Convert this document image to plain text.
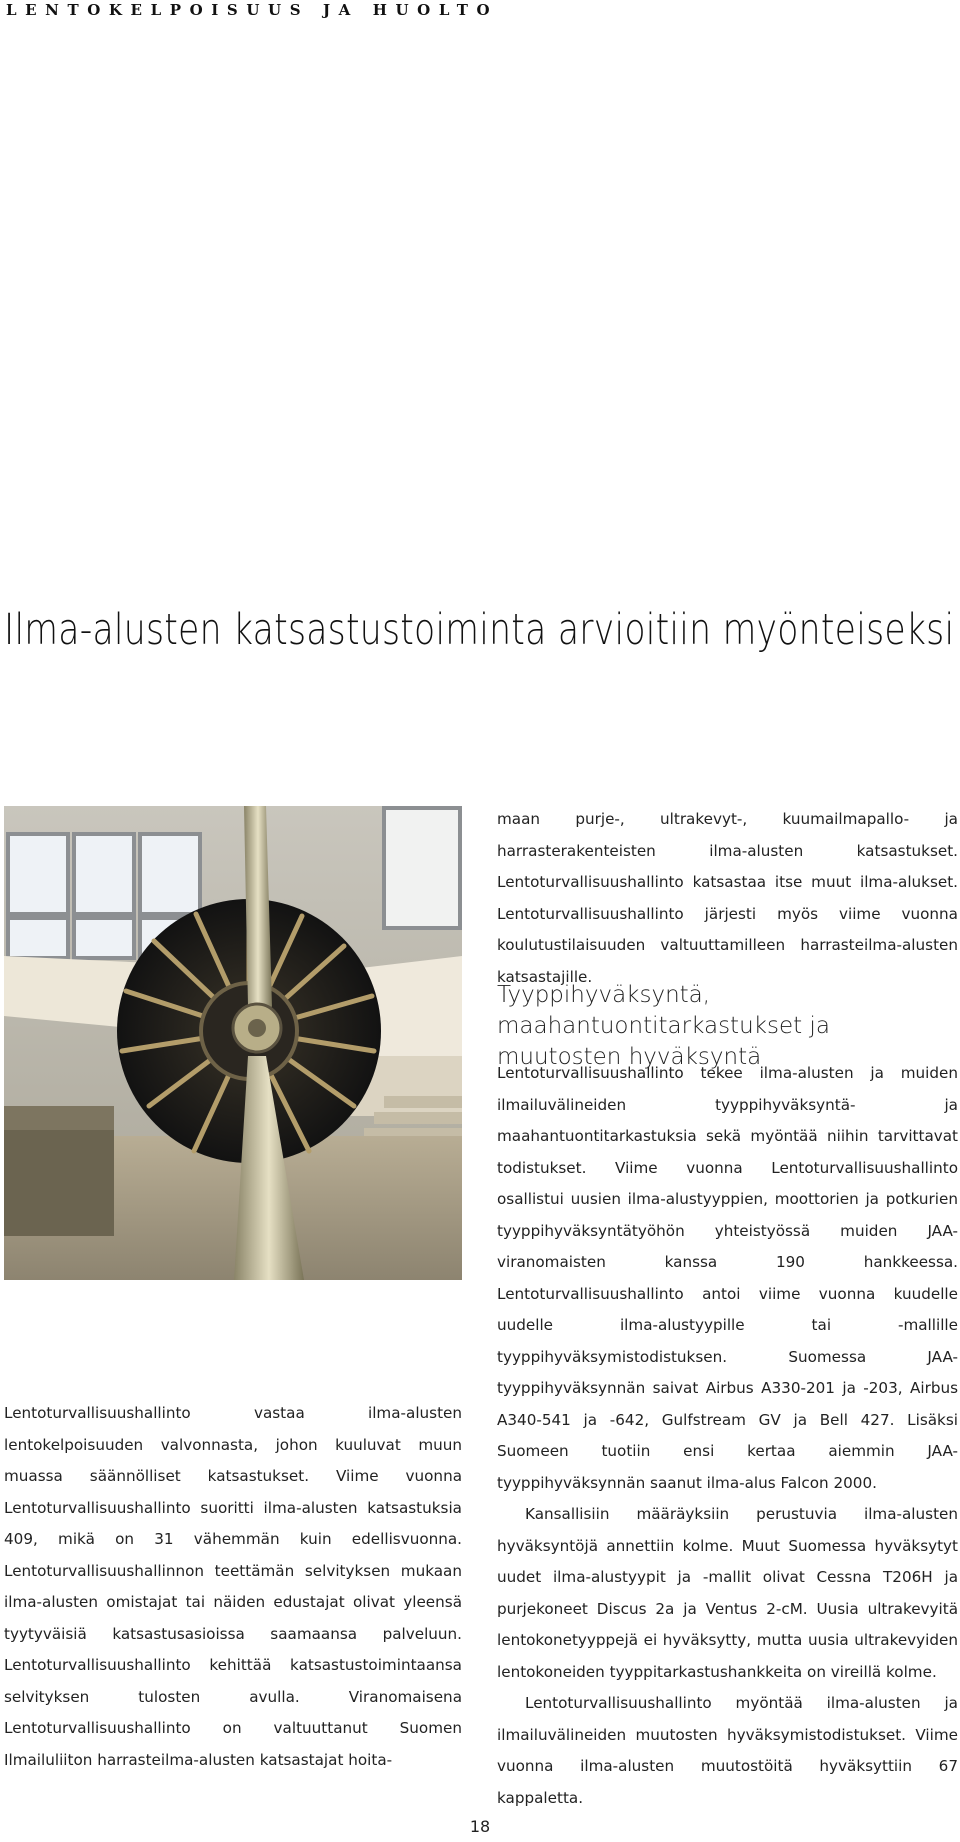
LENTOKELPOISUUS JA HUOLTO
Ilma-alusten katsastustoiminta arvioitiin myönteiseksi

Lentoturvallisuushallinto vastaa ilma-alusten lentokelpoisuuden valvonnasta, johon kuuluvat muun muassa säännölliset katsastukset. Viime vuonna Lentoturvallisuushallinto suoritti ilma-alusten katsastuksia 409, mikä on 31 vähemmän kuin edellisvuonna. Lentoturvallisuushallinnon teettämän selvityksen mukaan ilma-alusten omistajat tai näiden edustajat olivat yleensä tyytyväisiä katsastusasioissa saamaansa palveluun. Lentoturvallisuushallinto kehittää katsastustoimintaansa selvityksen tulosten avulla. Viranomaisena Lentoturvallisuushallinto on valtuuttanut Suomen Ilmailuliiton harrasteilma-alusten katsastajat hoita-

maan purje-, ultrakevyt-, kuumailmapallo- ja harrasterakenteisten ilma-alusten katsastukset. Lentoturvallisuushallinto katsastaa itse muut ilma-alukset. Lentoturvallisuushallinto järjesti myös viime vuonna koulutustilaisuuden valtuuttamilleen harrasteilma-alusten katsastajille.

Tyyppihyväksyntä, maahantuontitarkastukset ja muutosten hyväksyntä

Lentoturvallisuushallinto tekee ilma-alusten ja muiden ilmailuvälineiden tyyppihyväksyntä- ja maahantuontitarkastuksia sekä myöntää niihin tarvittavat todistukset. Viime vuonna Lentoturvallisuushallinto osallistui uusien ilma-alustyyppien, moottorien ja potkurien tyyppihyväksyntätyöhön yhteistyössä muiden JAA-viranomaisten kanssa 190 hankkeessa. Lentoturvallisuushallinto antoi viime vuonna kuudelle uudelle ilma-alustyypille tai -mallille tyyppihyväksymistodistuksen. Suomessa JAA-tyyppihyväksynnän saivat Airbus A330-201 ja -203, Airbus A340-541 ja -642, Gulfstream GV ja Bell 427. Lisäksi Suomeen tuotiin ensi kertaa aiemmin JAA-tyyppihyväksynnän saanut ilma-alus Falcon 2000.

Kansallisiin määräyksiin perustuvia ilma-alusten hyväksyntöjä annettiin kolme. Muut Suomessa hyväksytyt uudet ilma-alustyypit ja -mallit olivat Cessna T206H ja purjekoneet Discus 2a ja Ventus 2-cM. Uusia ultrakevyitä lentokonetyyppejä ei hyväksytty, mutta uusia ultrakevyiden lentokoneiden tyyppitarkastushankkeita on vireillä kolme.

Lentoturvallisuushallinto myöntää ilma-alusten ja ilmailuvälineiden muutosten hyväksymistodistukset. Viime vuonna ilma-alusten muutostöitä hyväksyttiin 67 kappaletta.

18
